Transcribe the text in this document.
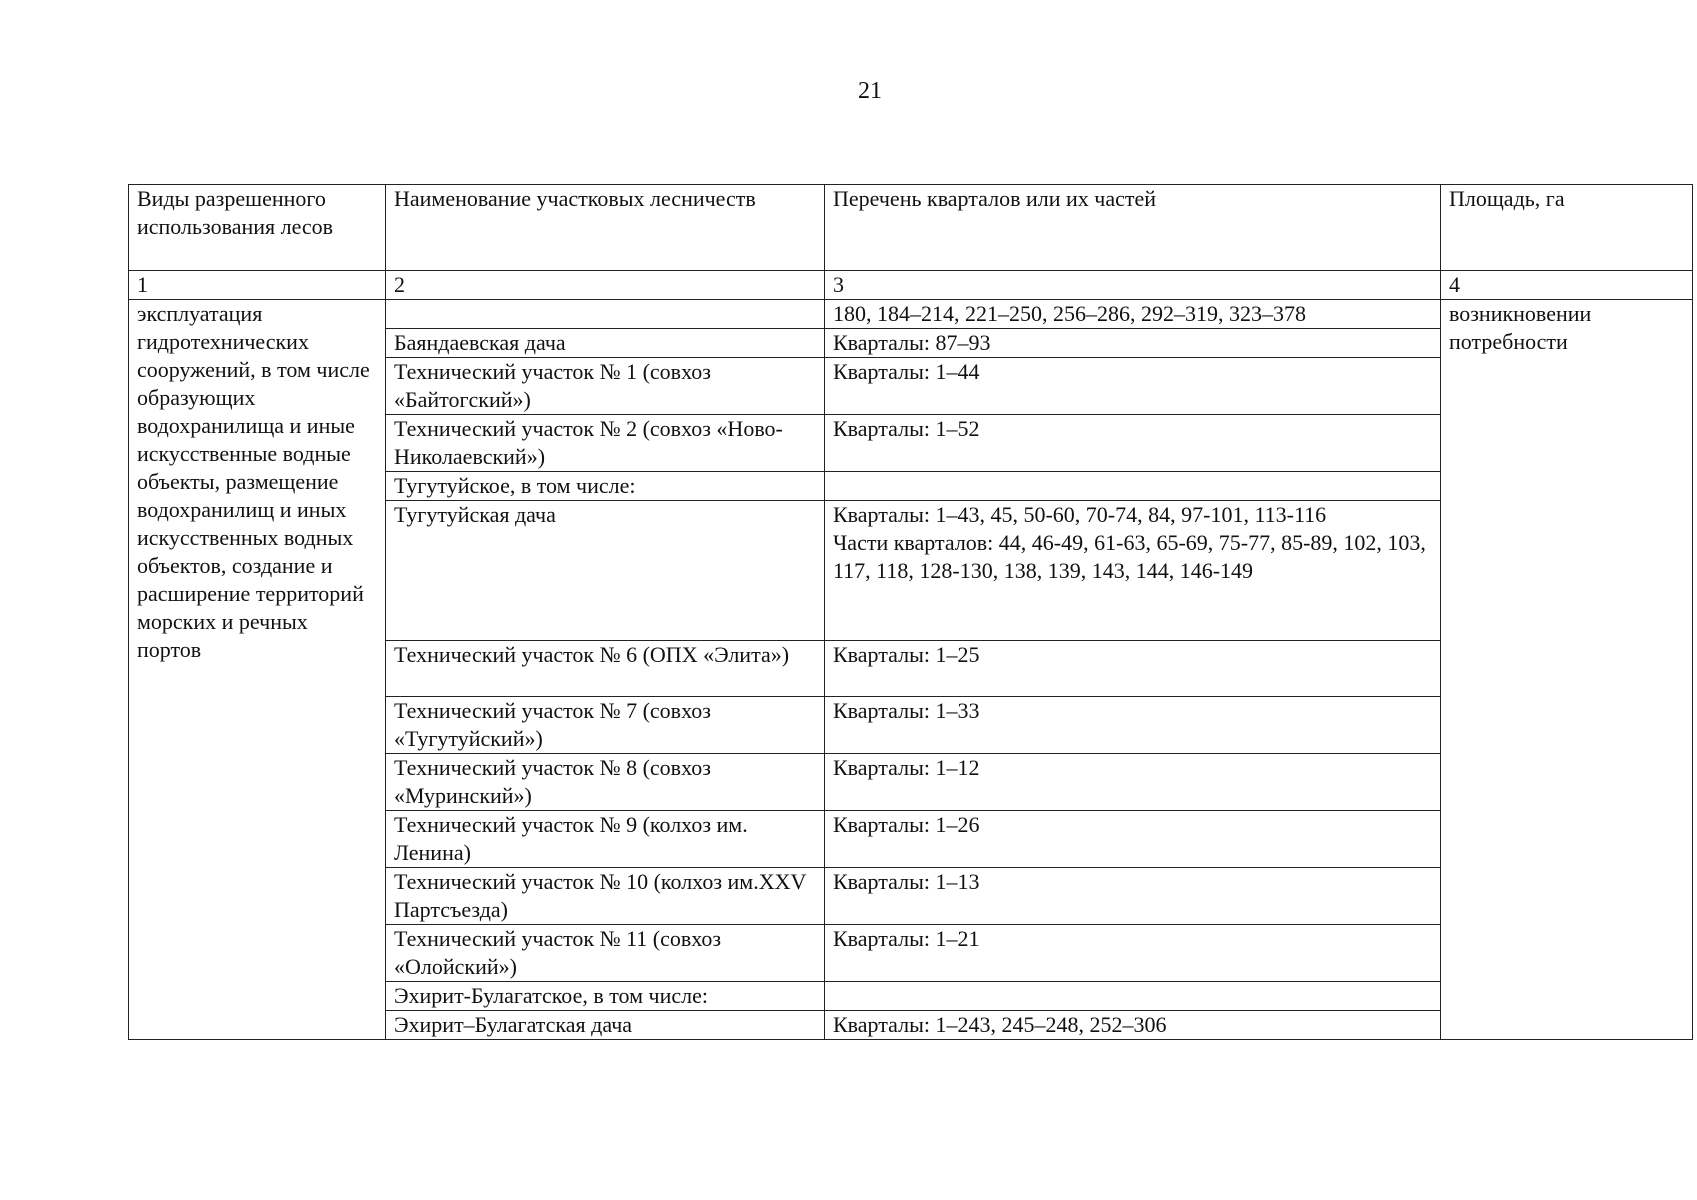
21
Виды разрешенного использования лесов	Наименование участковых лесничеств	Перечень кварталов или их частей	Площадь, га
1	2	3	4
эксплуатация гидротехнических сооружений, в том числе образующих водохранилища и иные искусственные водные объекты, размещение водохранилищ и иных искусственных водных объектов, создание и расширение территорий морских и речных портов		180, 184–214, 221–250, 256–286, 292–319, 323–378	возникновении потребности
	Баяндаевская дача	Кварталы: 87–93	
	Технический участок № 1 (совхоз «Байтогский»)	Кварталы: 1–44	
	Технический участок № 2 (совхоз «Ново-Николаевский»)	Кварталы: 1–52	
	Тугутуйское, в том числе:		
	Тугутуйская дача	Кварталы: 1–43, 45, 50-60, 70-74, 84, 97-101, 113-116
Части кварталов: 44, 46-49, 61-63, 65-69, 75-77, 85-89, 102, 103, 117, 118, 128-130, 138, 139, 143, 144, 146-149	

	Технический участок № 6 (ОПХ «Элита»)	Кварталы: 1–25	
	Технический участок № 7 (совхоз «Тугутуйский»)	Кварталы: 1–33	
	Технический участок № 8 (совхоз «Муринский»)	Кварталы: 1–12	
	Технический участок № 9 (колхоз им. Ленина)	Кварталы: 1–26	
	Технический участок № 10 (колхоз им.XXV Партсъезда)	Кварталы: 1–13	
	Технический участок № 11 (совхоз «Олойский»)	Кварталы: 1–21	
	Эхирит-Булагатское, в том числе:		
	Эхирит–Булагатская дача	Кварталы: 1–243, 245–248, 252–306	
